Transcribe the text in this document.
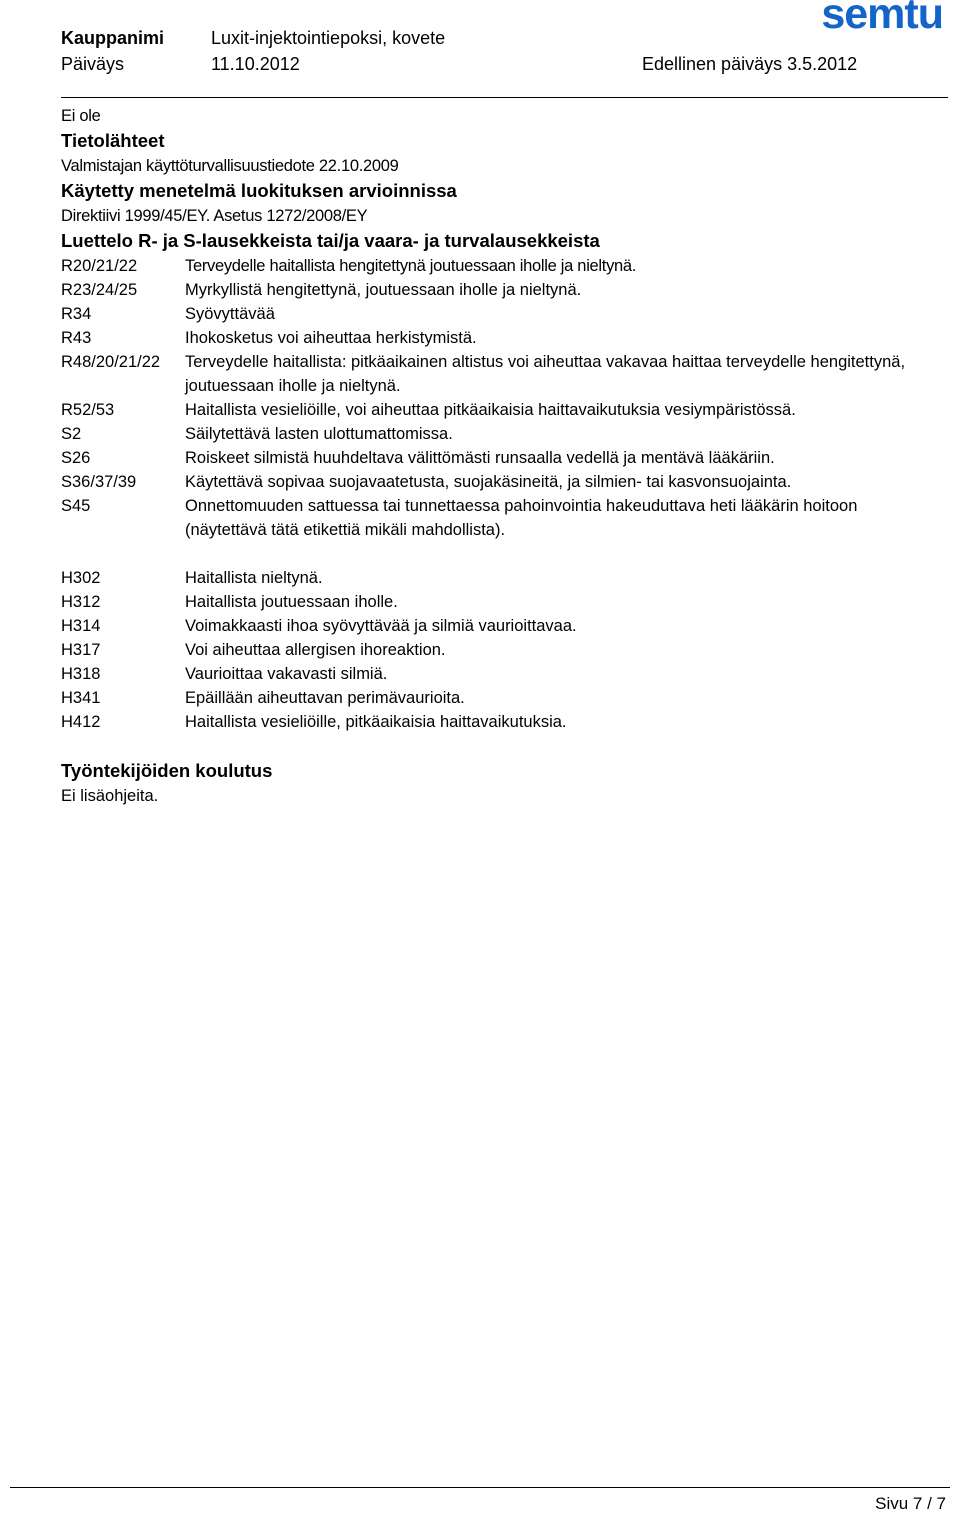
Kauppanimi	Luxit-injektointiepoksi, kovete	semtu
Päiväys	11.10.2012	Edellinen päiväys 3.5.2012
Ei ole
Tietolähteet
Valmistajan käyttöturvallisuustiedote 22.10.2009
Käytetty menetelmä luokituksen arvioinnissa
Direktiivi 1999/45/EY. Asetus 1272/2008/EY
Luettelo R- ja S-lausekkeista tai/ja vaara- ja turvalausekkeista
R20/21/22	Terveydelle haitallista hengitettynä joutuessaan iholle ja nieltynä.
R23/24/25	Myrkyllistä hengitettynä, joutuessaan iholle ja nieltynä.
R34	Syövyttävää
R43	Ihokosketus voi aiheuttaa herkistymistä.
R48/20/21/22	Terveydelle haitallista: pitkäaikainen altistus voi aiheuttaa vakavaa haittaa terveydelle hengitettynä, joutuessaan iholle ja nieltynä.
R52/53	Haitallista vesieliöille, voi aiheuttaa pitkäaikaisia haittavaikutuksia vesiympäristössä.
S2	Säilytettävä lasten ulottumattomissa.
S26	Roiskeet silmistä huuhdeltava välittömästi runsaalla vedellä ja mentävä lääkäriin.
S36/37/39	Käytettävä sopivaa suojavaatetusta, suojakäsineitä, ja silmien- tai kasvonsuojainta.
S45	Onnettomuuden sattuessa tai tunnettaessa pahoinvointia hakeuduttava heti lääkärin hoitoon (näytettävä tätä etikettiä mikäli mahdollista).
H302	Haitallista nieltynä.
H312	Haitallista joutuessaan iholle.
H314	Voimakkaasti ihoa syövyttävää ja silmiä vaurioittavaa.
H317	Voi aiheuttaa allergisen ihoreaktion.
H318	Vaurioittaa vakavasti silmiä.
H341	Epäillään aiheuttavan perimävaurioita.
H412	Haitallista vesieliöille, pitkäaikaisia haittavaikutuksia.
Työntekijöiden koulutus
Ei lisäohjeita.
Sivu 7 / 7
